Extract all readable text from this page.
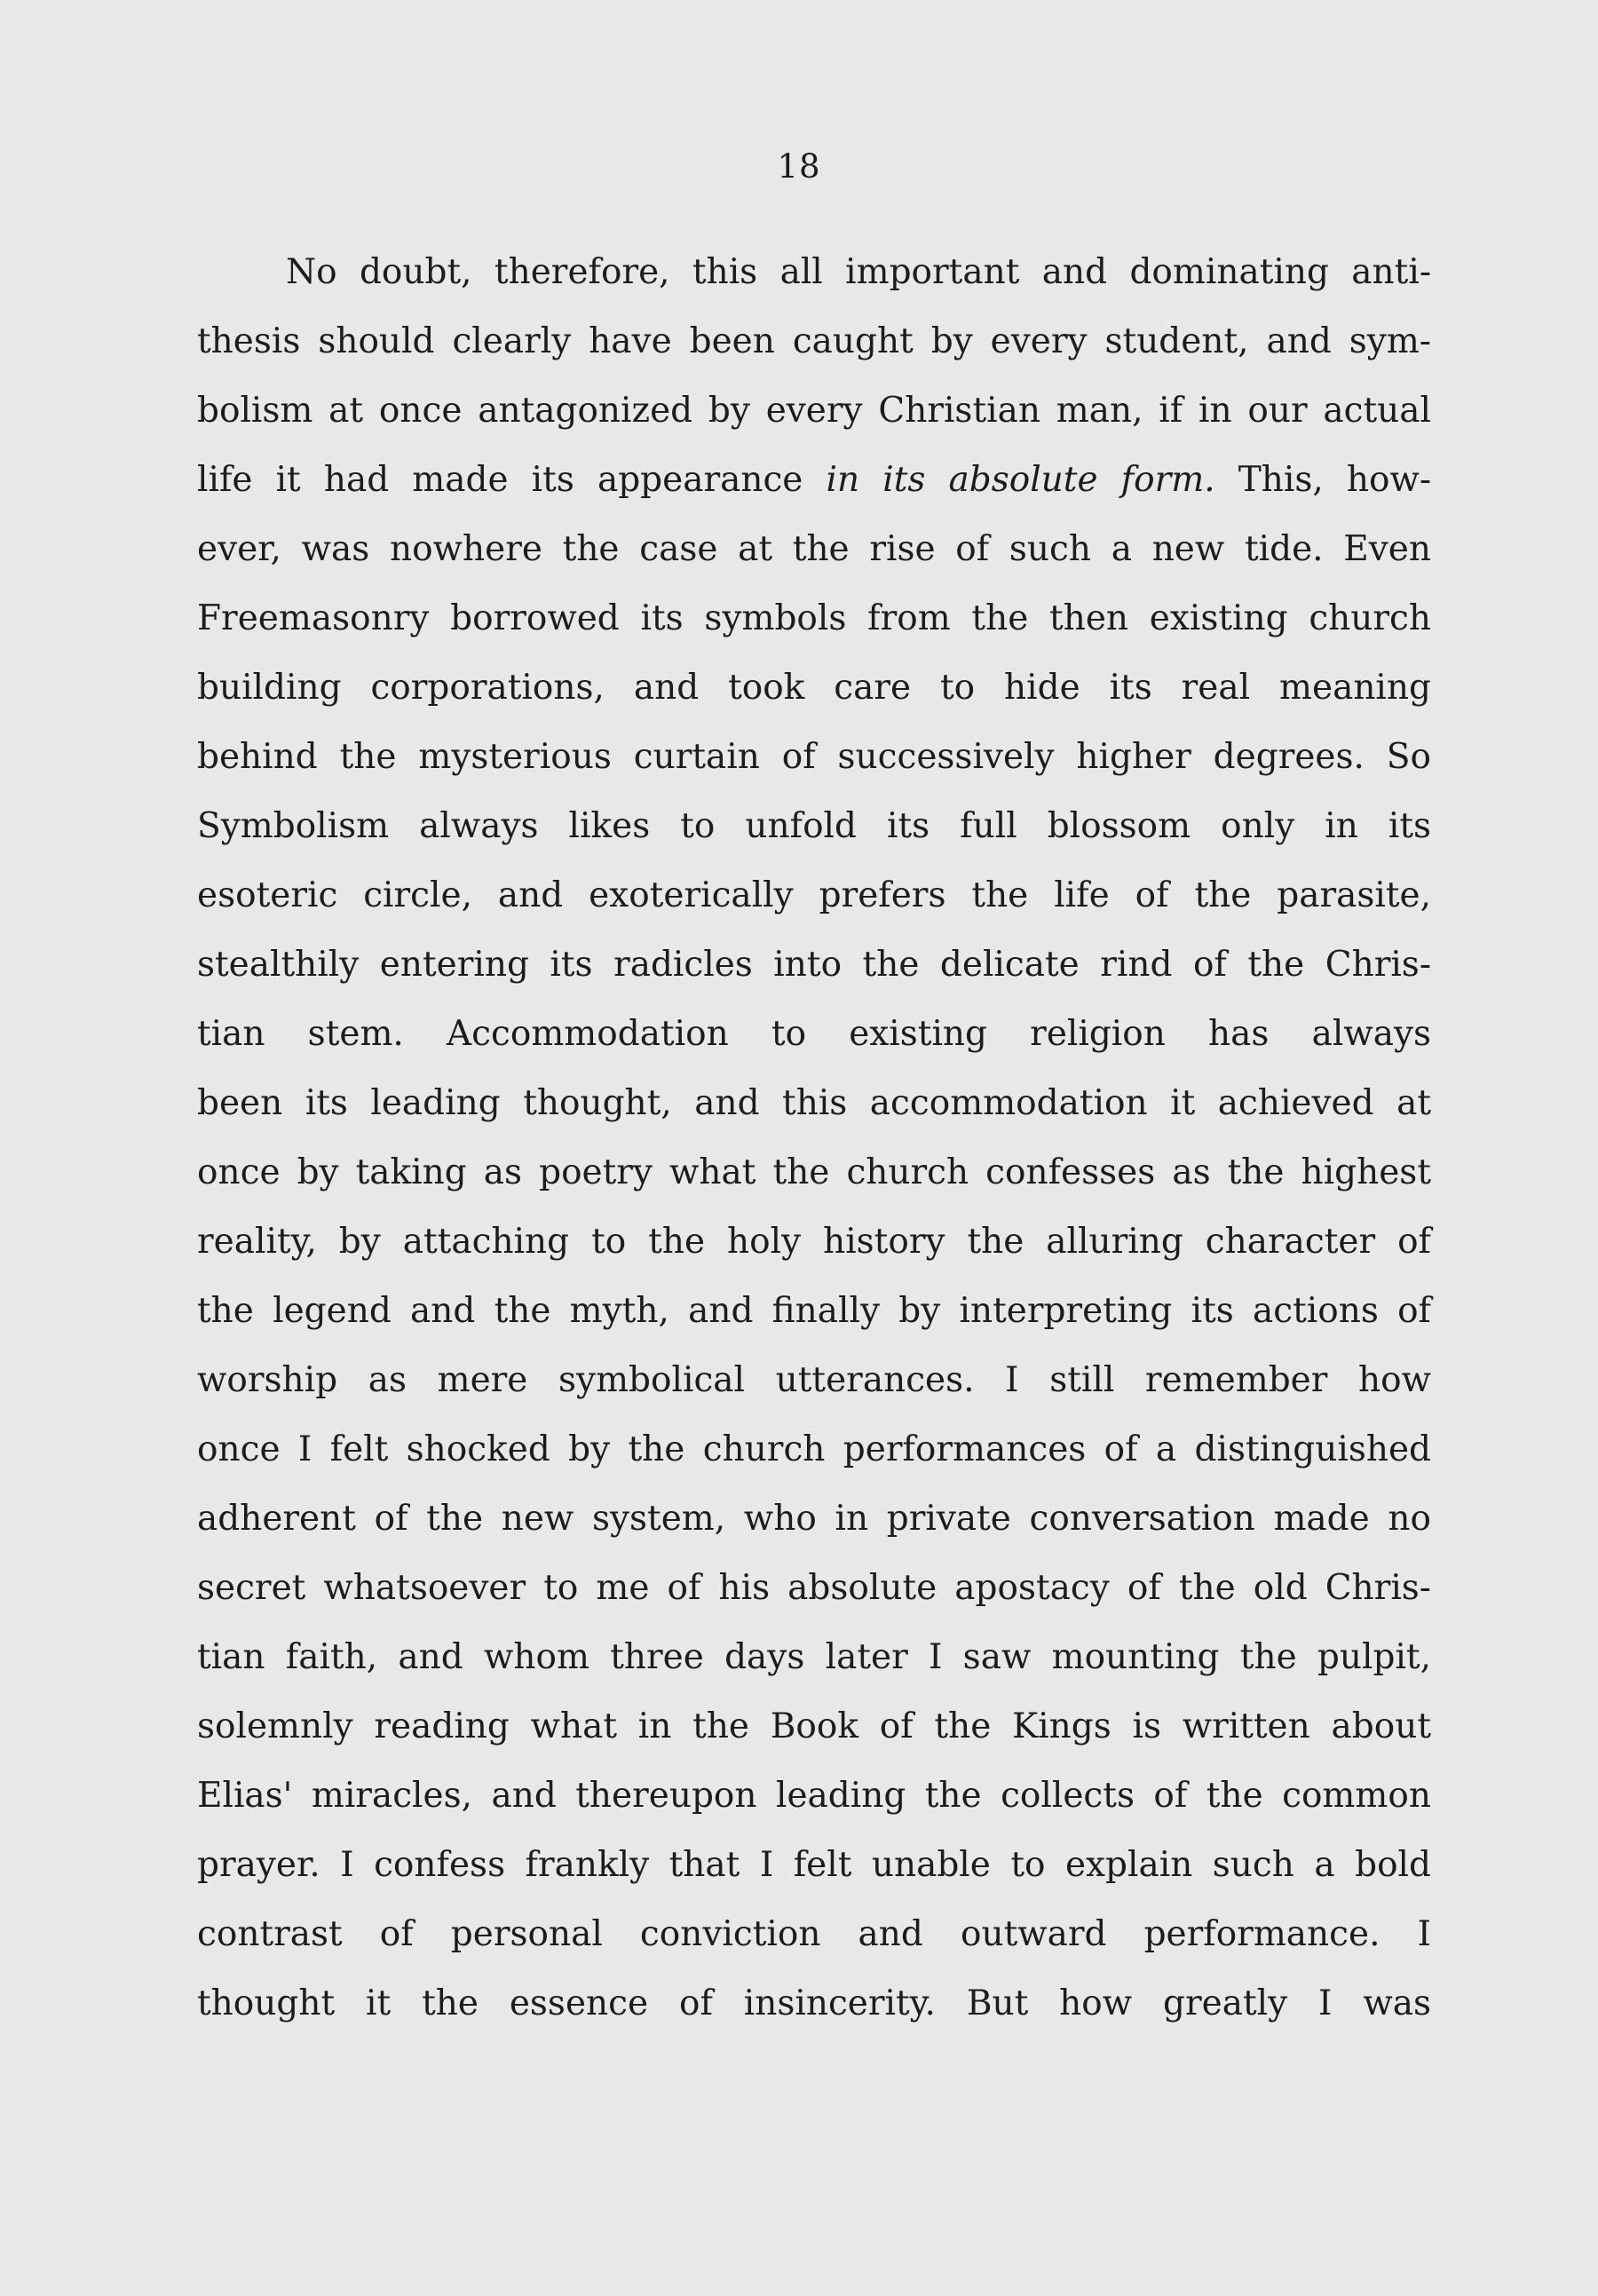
18
No doubt, therefore, this all important and dominating anti-
thesis should clearly have been caught by every student, and sym-
bolism at once antagonized by every Christian man, if in our actual
life it had made its appearance in its absolute form. This, how-
ever, was nowhere the case at the rise of such a new tide. Even
Freemasonry borrowed its symbols from the then existing church
building corporations, and took care to hide its real meaning
behind the mysterious curtain of successively higher degrees. So
Symbolism always likes to unfold its full blossom only in its
esoteric circle, and exoterically prefers the life of the parasite,
stealthily entering its radicles into the delicate rind of the Chris-
tian stem. Accommodation to existing religion has always
been its leading thought, and this accommodation it achieved at
once by taking as poetry what the church confesses as the highest
reality, by attaching to the holy history the alluring character of
the legend and the myth, and finally by interpreting its actions of
worship as mere symbolical utterances. I still remember how
once I felt shocked by the church performances of a distinguished
adherent of the new system, who in private conversation made no
secret whatsoever to me of his absolute apostacy of the old Chris-
tian faith, and whom three days later I saw mounting the pulpit,
solemnly reading what in the Book of the Kings is written about
Elias' miracles, and thereupon leading the collects of the common
prayer. I confess frankly that I felt unable to explain such a bold
contrast of personal conviction and outward performance. I
thought it the essence of insincerity. But how greatly I was
